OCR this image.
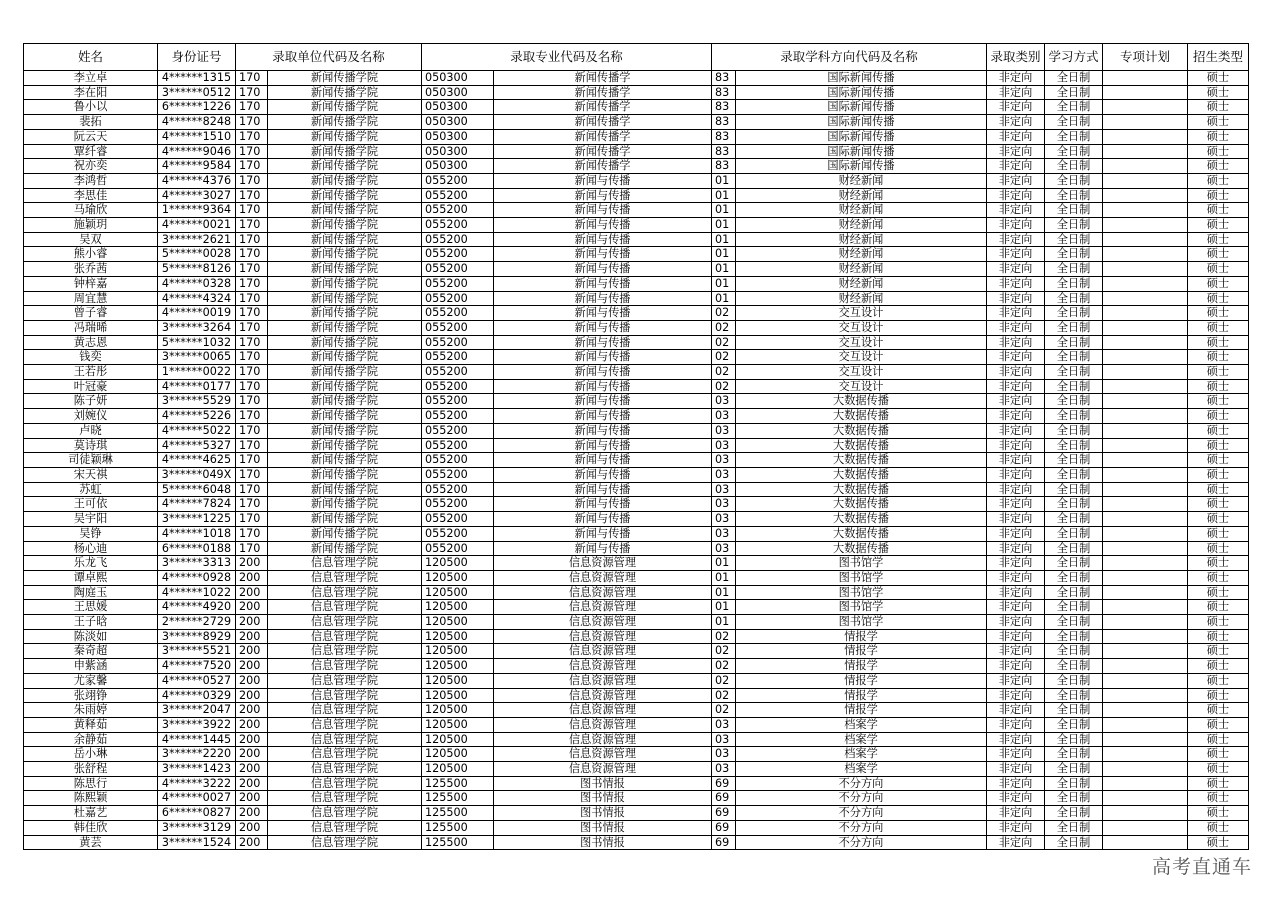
姓名	身份证号	录取单位代码及名称		录取专业代码及名称		录取学科方向代码及名称		录取类别	学习方式	专项计划	招生类型
李立卓	4******1315	170	新闻传播学院	050300	新闻传播学	83	国际新闻传播	非定向	全日制		硕士
李在阳	3******0512	170	新闻传播学院	050300	新闻传播学	83	国际新闻传播	非定向	全日制		硕士
鲁小以	6******1226	170	新闻传播学院	050300	新闻传播学	83	国际新闻传播	非定向	全日制		硕士
裴拓	4******8248	170	新闻传播学院	050300	新闻传播学	83	国际新闻传播	非定向	全日制		硕士
阮云天	4******1510	170	新闻传播学院	050300	新闻传播学	83	国际新闻传播	非定向	全日制		硕士
覃纤睿	4******9046	170	新闻传播学院	050300	新闻传播学	83	国际新闻传播	非定向	全日制		硕士
祝亦奕	4******9584	170	新闻传播学院	050300	新闻传播学	83	国际新闻传播	非定向	全日制		硕士
李鸿哲	4******4376	170	新闻传播学院	055200	新闻与传播	01	财经新闻	非定向	全日制		硕士
李思佳	4******3027	170	新闻传播学院	055200	新闻与传播	01	财经新闻	非定向	全日制		硕士
马瑜欣	1******9364	170	新闻传播学院	055200	新闻与传播	01	财经新闻	非定向	全日制		硕士
施颖玥	4******0021	170	新闻传播学院	055200	新闻与传播	01	财经新闻	非定向	全日制		硕士
吴双	3******2621	170	新闻传播学院	055200	新闻与传播	01	财经新闻	非定向	全日制		硕士
熊小睿	5******0028	170	新闻传播学院	055200	新闻与传播	01	财经新闻	非定向	全日制		硕士
张乔茜	5******8126	170	新闻传播学院	055200	新闻与传播	01	财经新闻	非定向	全日制		硕士
钟梓嘉	4******0328	170	新闻传播学院	055200	新闻与传播	01	财经新闻	非定向	全日制		硕士
周宜慧	4******4324	170	新闻传播学院	055200	新闻与传播	01	财经新闻	非定向	全日制		硕士
曾子睿	4******0019	170	新闻传播学院	055200	新闻与传播	02	交互设计	非定向	全日制		硕士
冯瑞晞	3******3264	170	新闻传播学院	055200	新闻与传播	02	交互设计	非定向	全日制		硕士
黄志恩	5******1032	170	新闻传播学院	055200	新闻与传播	02	交互设计	非定向	全日制		硕士
钱奕	3******0065	170	新闻传播学院	055200	新闻与传播	02	交互设计	非定向	全日制		硕士
王若彤	1******0022	170	新闻传播学院	055200	新闻与传播	02	交互设计	非定向	全日制		硕士
叶冠豪	4******0177	170	新闻传播学院	055200	新闻与传播	02	交互设计	非定向	全日制		硕士
陈子妍	3******5529	170	新闻传播学院	055200	新闻与传播	03	大数据传播	非定向	全日制		硕士
刘婉仪	4******5226	170	新闻传播学院	055200	新闻与传播	03	大数据传播	非定向	全日制		硕士
卢晓	4******5022	170	新闻传播学院	055200	新闻与传播	03	大数据传播	非定向	全日制		硕士
莫诗琪	4******5327	170	新闻传播学院	055200	新闻与传播	03	大数据传播	非定向	全日制		硕士
司徒颖琳	4******4625	170	新闻传播学院	055200	新闻与传播	03	大数据传播	非定向	全日制		硕士
宋天祺	3******049X	170	新闻传播学院	055200	新闻与传播	03	大数据传播	非定向	全日制		硕士
苏虹	5******6048	170	新闻传播学院	055200	新闻与传播	03	大数据传播	非定向	全日制		硕士
王可依	4******7824	170	新闻传播学院	055200	新闻与传播	03	大数据传播	非定向	全日制		硕士
吴宇阳	3******1225	170	新闻传播学院	055200	新闻与传播	03	大数据传播	非定向	全日制		硕士
吴铮	4******1018	170	新闻传播学院	055200	新闻与传播	03	大数据传播	非定向	全日制		硕士
杨心迪	6******0188	170	新闻传播学院	055200	新闻与传播	03	大数据传播	非定向	全日制		硕士
乐龙飞	3******3313	200	信息管理学院	120500	信息资源管理	01	图书馆学	非定向	全日制		硕士
谭卓熙	4******0928	200	信息管理学院	120500	信息资源管理	01	图书馆学	非定向	全日制		硕士
陶庭玉	4******1022	200	信息管理学院	120500	信息资源管理	01	图书馆学	非定向	全日制		硕士
王思媛	4******4920	200	信息管理学院	120500	信息资源管理	01	图书馆学	非定向	全日制		硕士
王子晗	2******2729	200	信息管理学院	120500	信息资源管理	01	图书馆学	非定向	全日制		硕士
陈淡如	3******8929	200	信息管理学院	120500	信息资源管理	02	情报学	非定向	全日制		硕士
秦奇超	3******5521	200	信息管理学院	120500	信息资源管理	02	情报学	非定向	全日制		硕士
申紫涵	4******7520	200	信息管理学院	120500	信息资源管理	02	情报学	非定向	全日制		硕士
尤家馨	4******0527	200	信息管理学院	120500	信息资源管理	02	情报学	非定向	全日制		硕士
张翊铮	4******0329	200	信息管理学院	120500	信息资源管理	02	情报学	非定向	全日制		硕士
朱雨婷	3******2047	200	信息管理学院	120500	信息资源管理	02	情报学	非定向	全日制		硕士
黄释茹	3******3922	200	信息管理学院	120500	信息资源管理	03	档案学	非定向	全日制		硕士
余静茹	4******1445	200	信息管理学院	120500	信息资源管理	03	档案学	非定向	全日制		硕士
岳小琳	3******2220	200	信息管理学院	120500	信息资源管理	03	档案学	非定向	全日制		硕士
张舒程	3******1423	200	信息管理学院	120500	信息资源管理	03	档案学	非定向	全日制		硕士
陈思行	4******3222	200	信息管理学院	125500	图书情报	69	不分方向	非定向	全日制		硕士
陈熙颖	4******0027	200	信息管理学院	125500	图书情报	69	不分方向	非定向	全日制		硕士
杜嘉艺	6******0827	200	信息管理学院	125500	图书情报	69	不分方向	非定向	全日制		硕士
韩佳欣	3******3129	200	信息管理学院	125500	图书情报	69	不分方向	非定向	全日制		硕士
黄芸	3******1524	200	信息管理学院	125500	图书情报	69	不分方向	非定向	全日制		硕士
高考直通车
